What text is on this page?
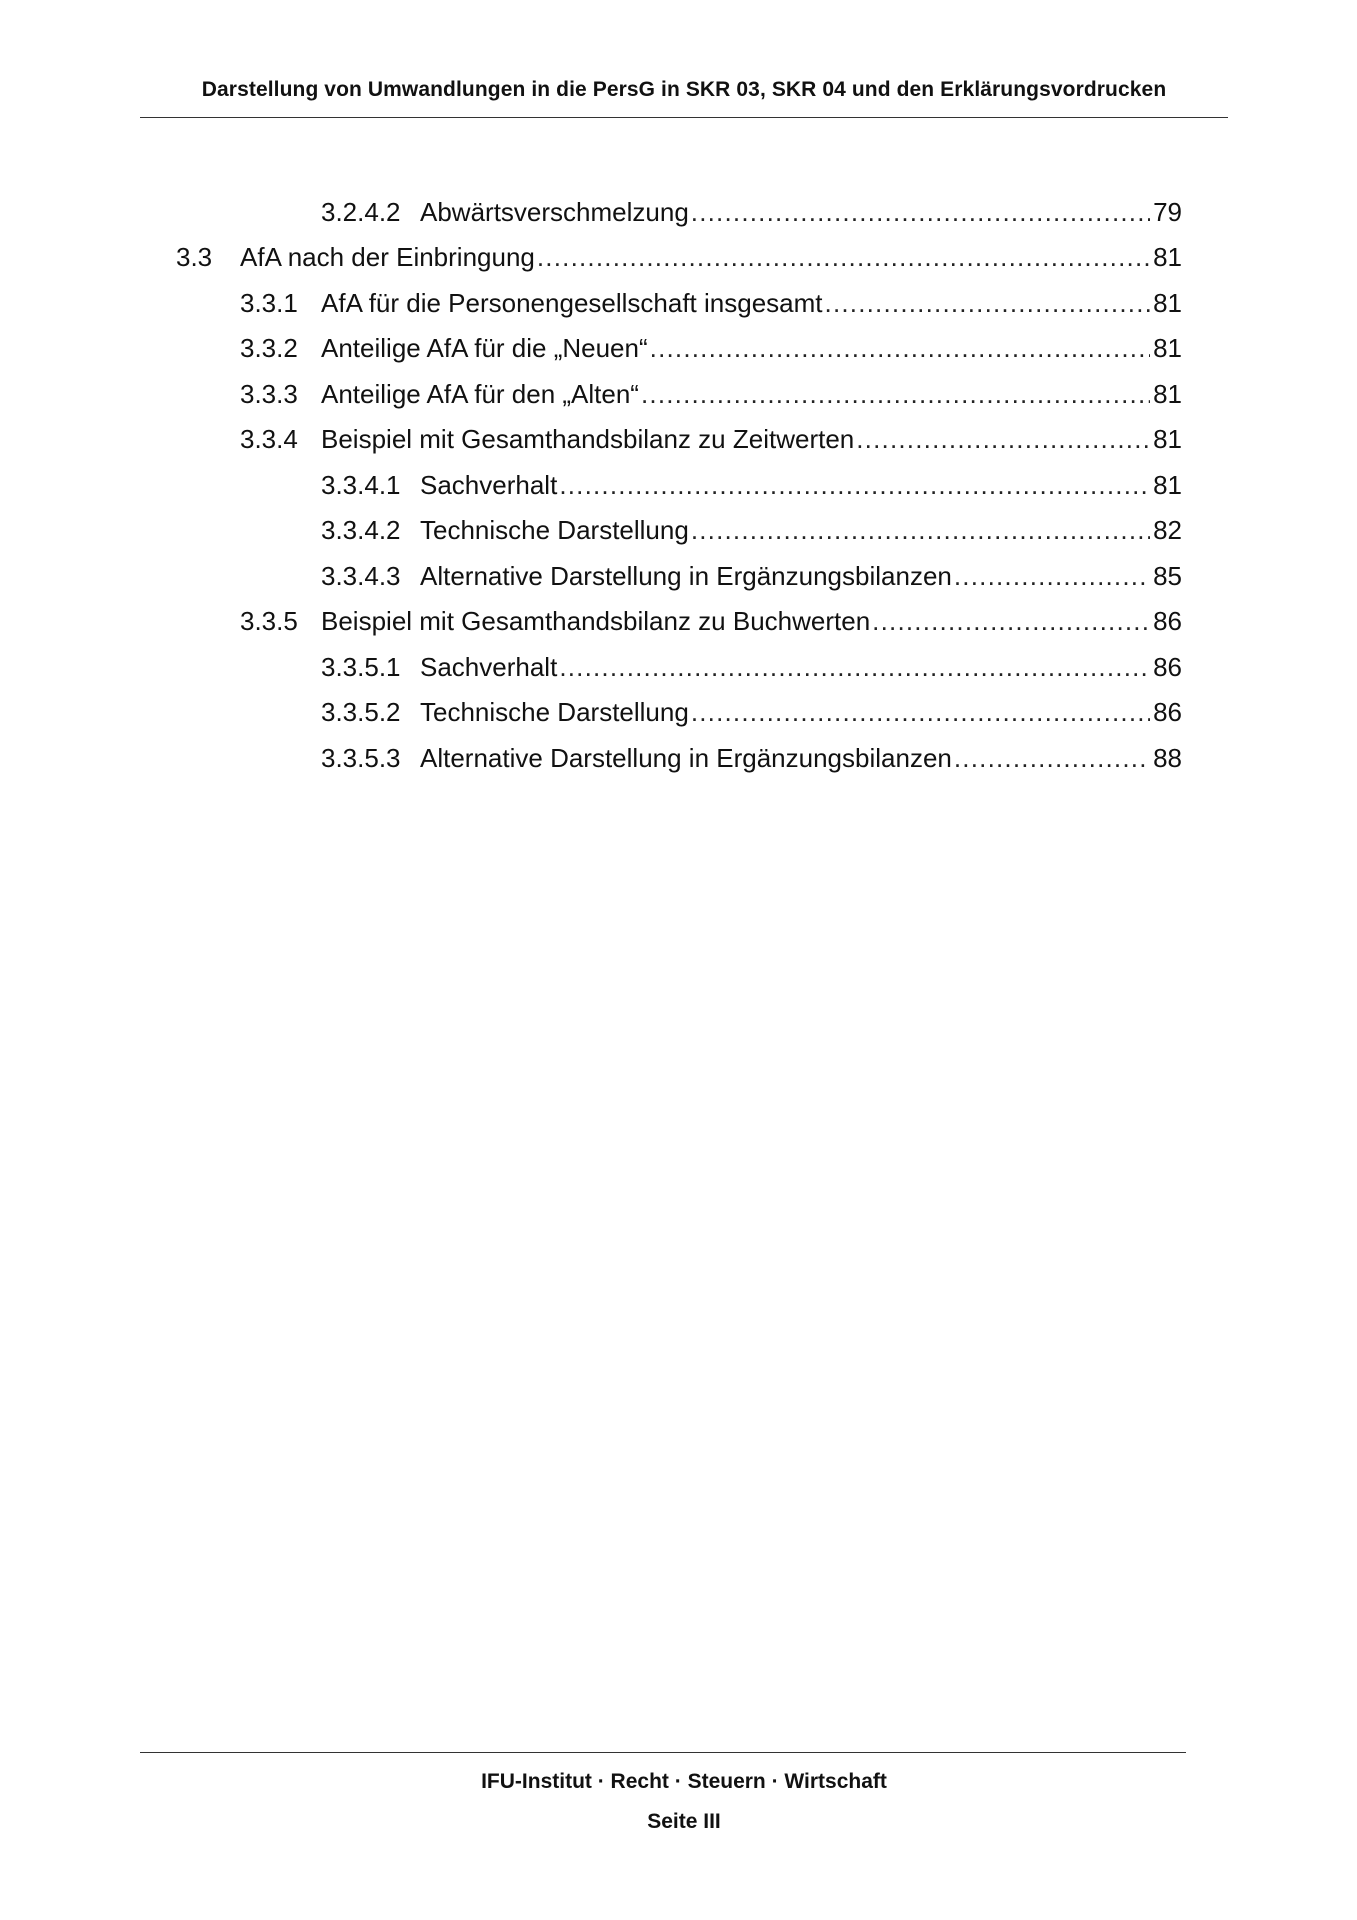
Darstellung von Umwandlungen in die PersG in SKR 03, SKR 04 und den Erklärungsvordrucken
3.2.4.2 Abwärtsverschmelzung .....	79
3.3	AfA nach der Einbringung .....	81
3.3.1 AfA für die Personengesellschaft insgesamt .....	81
3.3.2 Anteilige AfA für die „Neuen“ .....	81
3.3.3 Anteilige AfA für den „Alten“ .....	81
3.3.4 Beispiel mit Gesamthandsbilanz zu Zeitwerten .....	81
3.3.4.1 Sachverhalt .....	81
3.3.4.2 Technische Darstellung .....	82
3.3.4.3 Alternative Darstellung in Ergänzungsbilanzen .....	85
3.3.5 Beispiel mit Gesamthandsbilanz zu Buchwerten .....	86
3.3.5.1 Sachverhalt .....	86
3.3.5.2 Technische Darstellung .....	86
3.3.5.3 Alternative Darstellung in Ergänzungsbilanzen .....	88
IFU-Institut · Recht · Steuern · Wirtschaft
Seite III
